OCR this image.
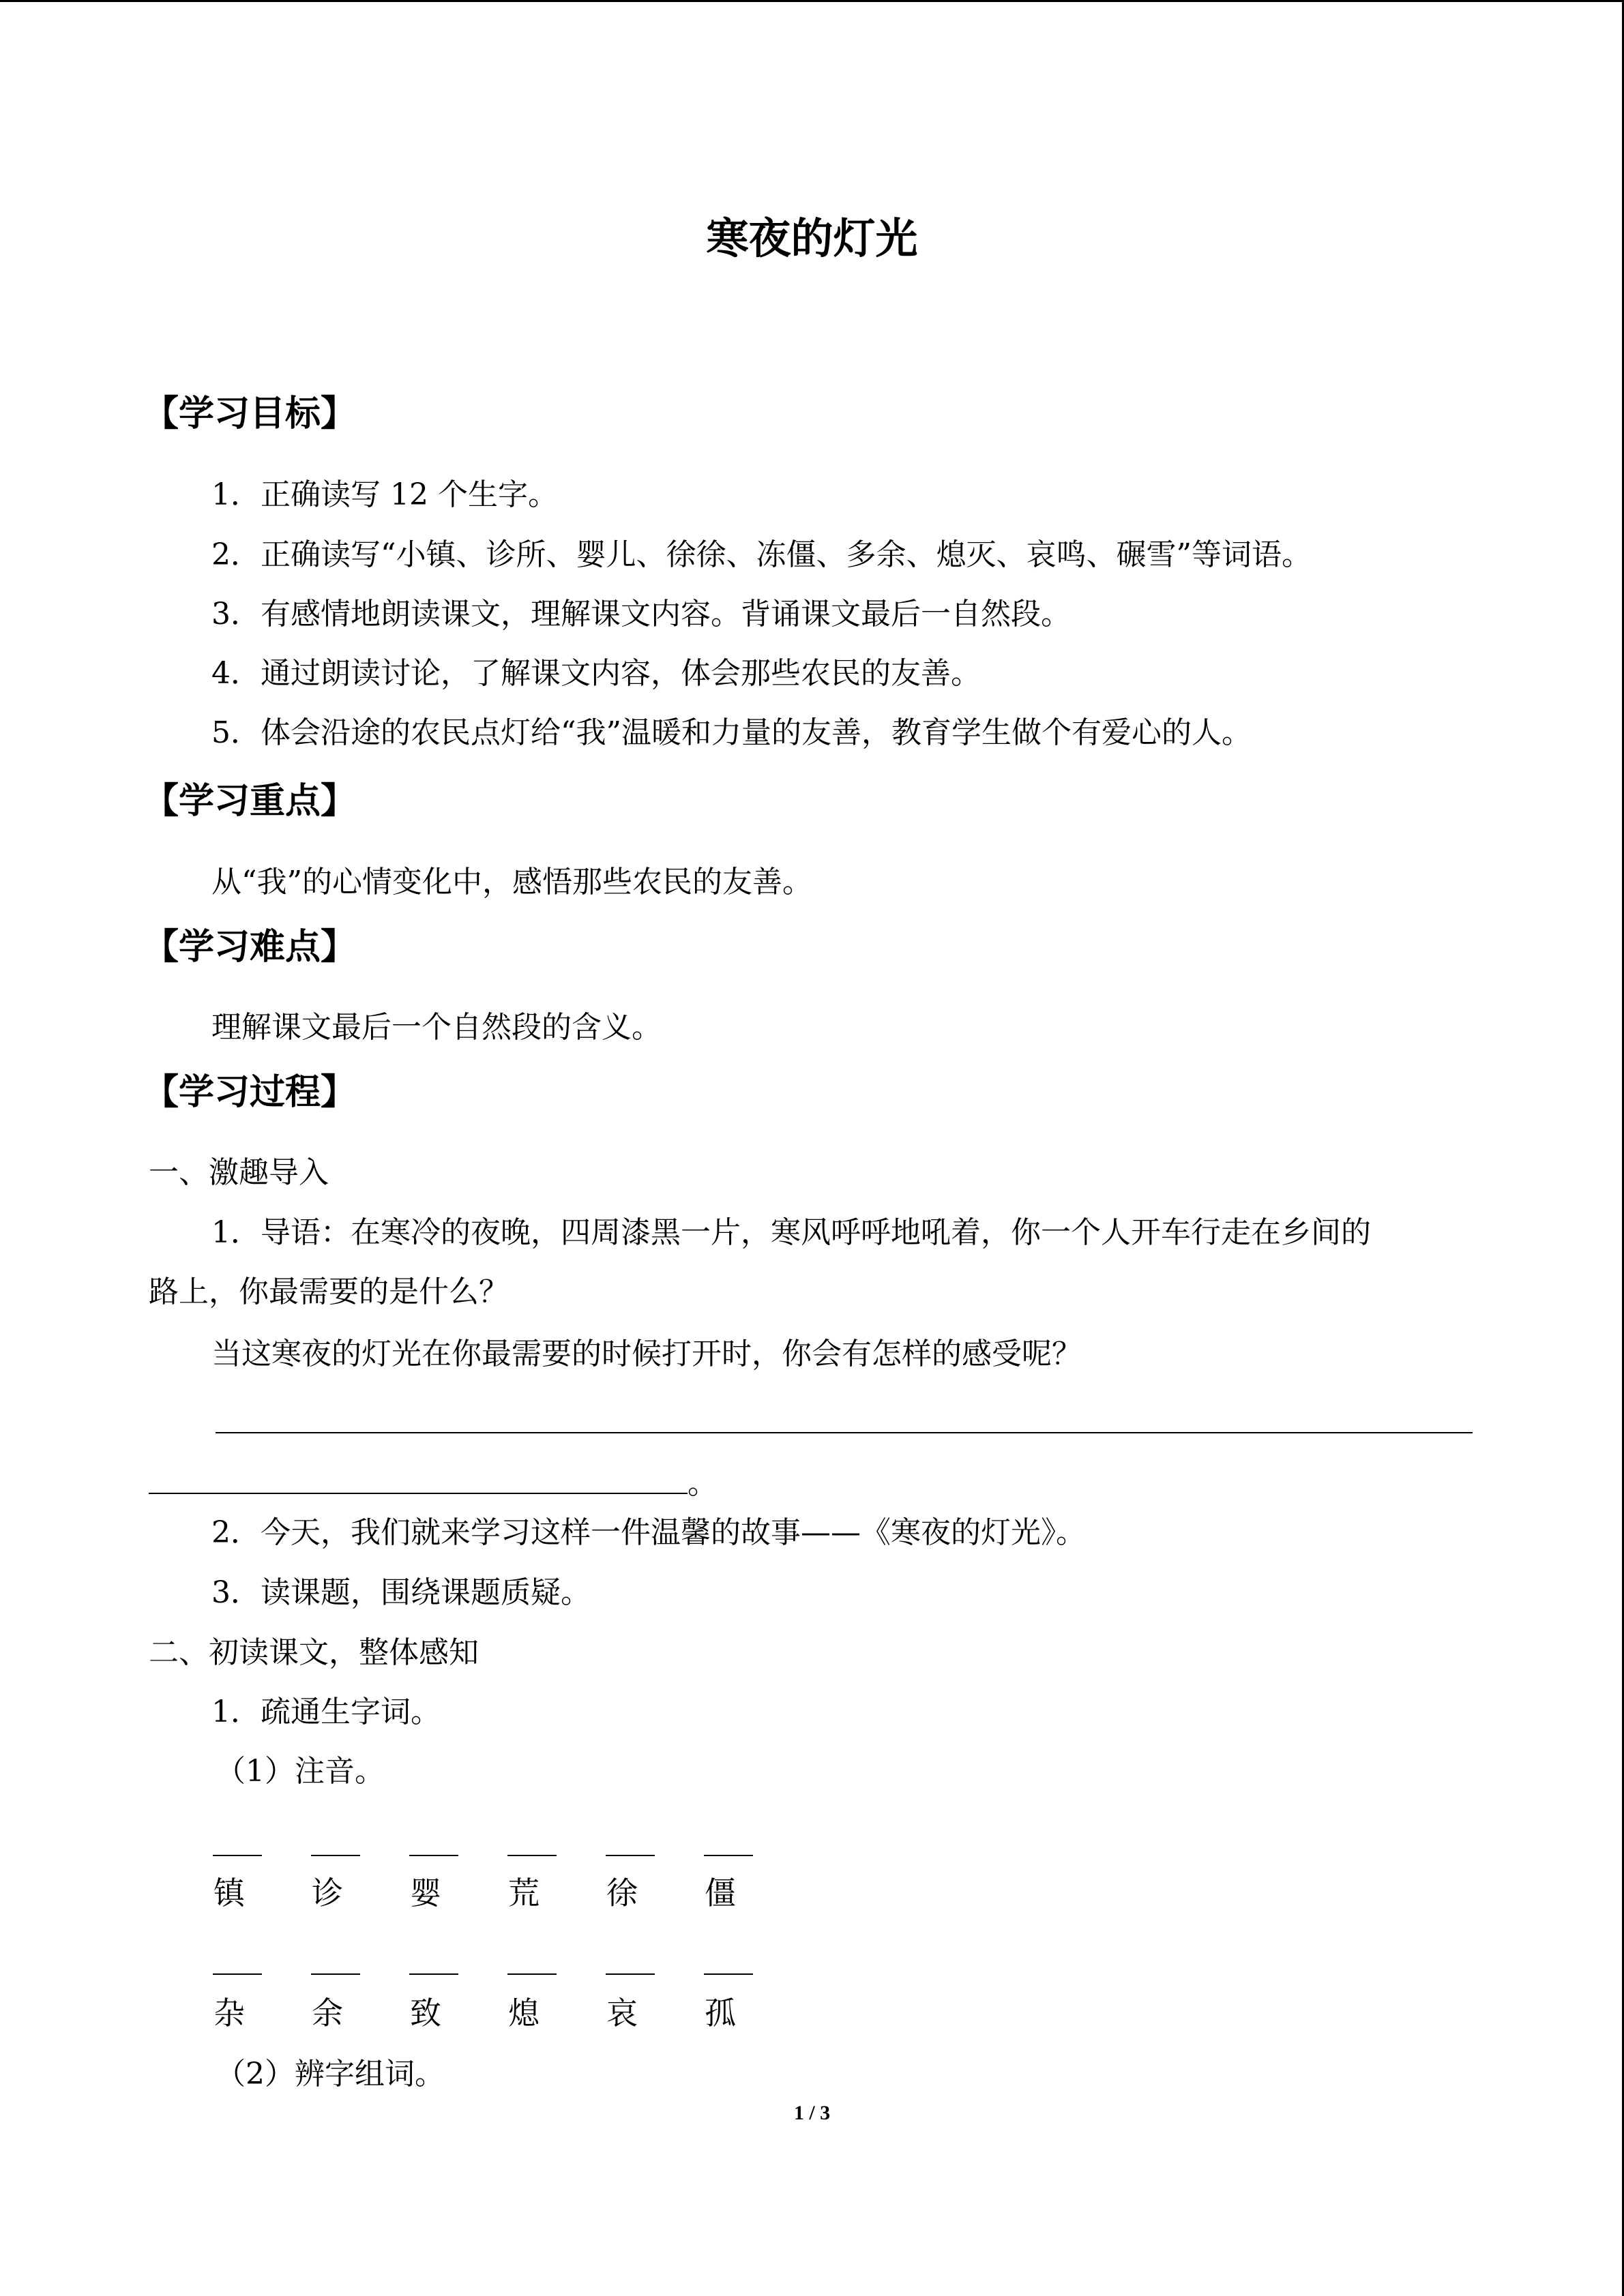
寒夜的灯光
【学习目标】
1．正确读写 12 个生字。
2．正确读写“小镇、诊所、婴儿、徐徐、冻僵、多余、熄灭、哀鸣、碾雪”等词语。
3．有感情地朗读课文，理解课文内容。背诵课文最后一自然段。
4．通过朗读讨论，了解课文内容，体会那些农民的友善。
5．体会沿途的农民点灯给“我”温暖和力量的友善，教育学生做个有爱心的人。
【学习重点】
从“我”的心情变化中，感悟那些农民的友善。
【学习难点】
理解课文最后一个自然段的含义。
【学习过程】
一、激趣导入
1．导语：在寒冷的夜晚，四周漆黑一片，寒风呼呼地吼着，你一个人开车行走在乡间的
路上，你最需要的是什么？
当这寒夜的灯光在你最需要的时候打开时，你会有怎样的感受呢？
。
2．今天，我们就来学习这样一件温馨的故事——《寒夜的灯光》。
3．读课题，围绕课题质疑。
二、初读课文，整体感知
1．疏通生字词。
（1）注音。
镇 诊 婴 荒 徐 僵
杂 余 致 熄 哀 孤
（2）辨字组词。
1 / 3
